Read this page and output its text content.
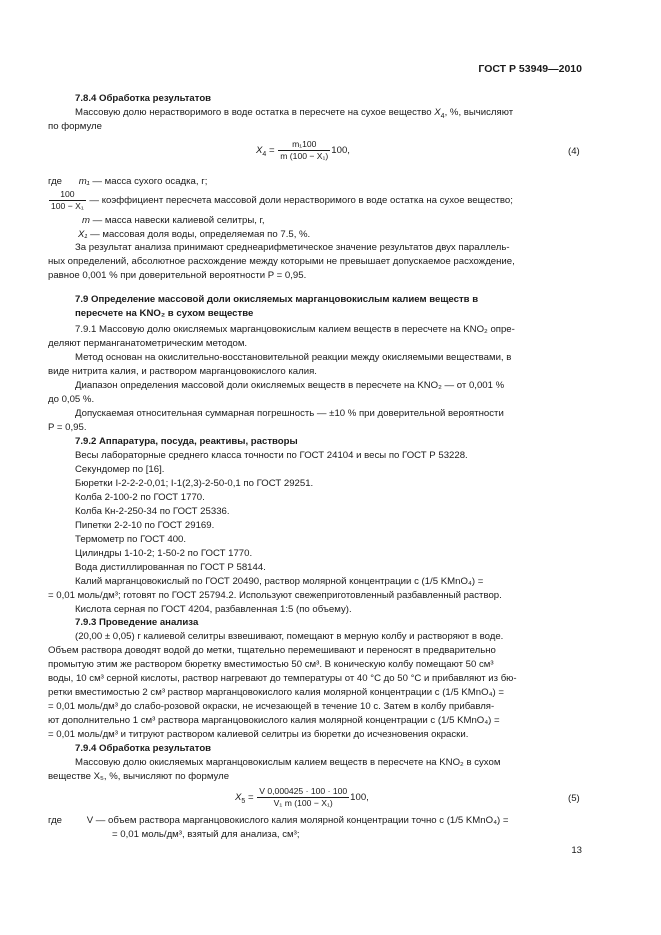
ГОСТ Р 53949—2010
7.8.4 Обработка результатов
Массовую долю нерастворимого в воде остатка в пересчете на сухое вещество $X_4$, %, вычисляют
по формуле
$X_4 = \frac{\text{m₁100}}{\text{m (100 − X₁)}} 100$,	(4)
где m₁ — масса сухого осадка, г;
$\frac{100}{\text{100 − X₁}}$ — коэффициент пересчета массовой доли нерастворимого в воде остатка на сухое вещество;
m — масса навески калиевой селитры, г,
X₁ — массовая доля воды, определяемая по 7.5, %.
За результат анализа принимают среднеарифметическое значение результатов двух параллель-
ных определений, абсолютное расхождение между которыми не превышает допускаемое расхождение,
равное 0,001 % при доверительной вероятности P = 0,95.
7.9 Определение массовой доли окисляемых марганцовокислым калием веществ в
пересчете на KNO₂ в сухом веществе
7.9.1 Массовую долю окисляемых марганцовокислым калием веществ в пересчете на KNO₂ опре-
деляют перманганатометрическим методом.
Метод основан на окислительно-восстановительной реакции между окисляемыми веществами, в
виде нитрита калия, и раствором марганцовокислого калия.
Диапазон определения массовой доли окисляемых веществ в пересчете на KNO₂ — от 0,001 %
до 0,05 %.
Допускаемая относительная суммарная погрешность — ±10 % при доверительной вероятности
P = 0,95.
7.9.2 Аппаратура, посуда, реактивы, растворы
Весы лабораторные среднего класса точности по ГОСТ 24104 и весы по ГОСТ Р 53228.
Секундомер по [16].
Бюретки I-2-2-2-0,01; I-1(2,3)-2-50-0,1 по ГОСТ 29251.
Колба 2-100-2 по ГОСТ 1770.
Колба Кн-2-250-34 по ГОСТ 25336.
Пипетки 2-2-10 по ГОСТ 29169.
Термометр по ГОСТ 400.
Цилиндры 1-10-2; 1-50-2 по ГОСТ 1770.
Вода дистиллированная по ГОСТ Р 58144.
Калий марганцовокислый по ГОСТ 20490, раствор молярной концентрации c (1/5 KMnO₄) =
= 0,01 моль/дм³; готовят по ГОСТ 25794.2. Используют свежеприготовленный разбавленный раствор.
Кислота серная по ГОСТ 4204, разбавленная 1:5 (по объему).
7.9.3 Проведение анализа
(20,00 ± 0,05) г калиевой селитры взвешивают, помещают в мерную колбу и растворяют в воде.
Объем раствора доводят водой до метки, тщательно перемешивают и переносят в предварительно
промытую этим же раствором бюретку вместимостью 50 см³. В коническую колбу помещают 50 см³
воды, 10 см³ серной кислоты, раствор нагревают до температуры от 40 °С до 50 °С и прибавляют из бю-
ретки вместимостью 2 см³ раствор марганцовокислого калия молярной концентрации c (1/5 KMnO₄) =
= 0,01 моль/дм³ до слабо-розовой окраски, не исчезающей в течение 10 с. Затем в колбу прибавля-
ют дополнительно 1 см³ раствора марганцовокислого калия молярной концентрации c (1/5 KMnO₄) =
= 0,01 моль/дм³ и титруют раствором калиевой селитры из бюретки до исчезновения окраски.
7.9.4 Обработка результатов
Массовую долю окисляемых марганцовокислым калием веществ в пересчете на KNO₂ в сухом
веществе X₅, %, вычисляют по формуле
$X_5 = \frac{V 0,000425 \cdot 100 \cdot 100}{\text{V₁ m (100 − X₁)}} 100$,	(5)
где	V — объем раствора марганцовокислого калия молярной концентрации точно c (1/5 KMnO₄) =
= 0,01 моль/дм³, взятый для анализа, см³;
13
